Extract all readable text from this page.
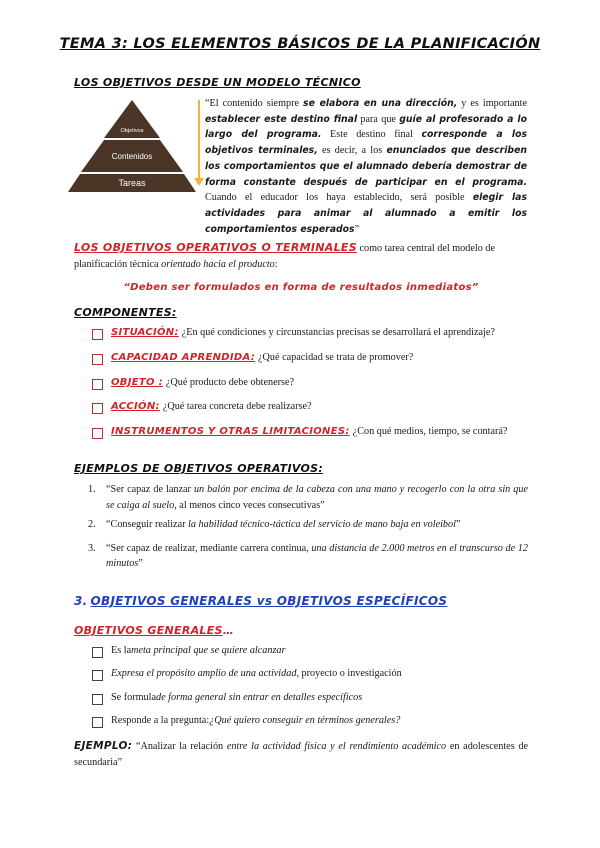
TEMA 3: LOS ELEMENTOS BÁSICOS DE LA PLANIFICACIÓN
LOS OBJETIVOS DESDE UN MODELO TÉCNICO
Objetivos
Contenidos
Tareas
“El contenido siempre se elabora en una dirección, y es importante establecer este destino final para que guíe al profesorado a lo largo del programa. Este destino final corresponde a los objetivos terminales, es decir, a los enunciados que describen los comportamientos que el alumnado debería demostrar de forma constante después de participar en el programa. Cuando el educador los haya establecido, será posible elegir las actividades para animar al alumnado a emitir los comportamientos esperados”
LOS OBJETIVOS OPERATIVOS O TERMINALES como tarea central del modelo de planificación técnica orientado hacia el producto:
“Deben ser formulados en forma de resultados inmediatos”
COMPONENTES:
SITUACIÓN: ¿En qué condiciones y circunstancias precisas se desarrollará el aprendizaje?
CAPACIDAD APRENDIDA: ¿Qué capacidad se trata de promover?
OBJETO : ¿Qué producto debe obtenerse?
ACCIÓN: ¿Qué tarea concreta debe realizarse?
INSTRUMENTOS Y OTRAS LIMITACIONES: ¿Con qué medios, tiempo, se contará?
EJEMPLOS DE OBJETIVOS OPERATIVOS:
1. “Ser capaz de lanzar un balón por encima de la cabeza con una mano y recogerlo con la otra sin que se caiga al suelo, al menos cinco veces consecutivas”
2. “Conseguir realizar la habilidad técnico-táctica del servicio de mano baja en voleibol”
3. “Ser capaz de realizar, mediante carrera continua, una distancia de 2.000 metros en el transcurso de 12 minutos”
3. OBJETIVOS GENERALES vs OBJETIVOS ESPECÍFICOS
OBJETIVOS GENERALES…
Es la meta principal que se quiere alcanzar
Expresa el propósito amplio de una actividad , proyecto o investigación
Se formula de forma general sin entrar en detalles específicos
Responde a la pregunta: ¿Qué quiero conseguir en términos generales?
EJEMPLO: “Analizar la relación entre la actividad física y el rendimiento académico en adolescentes de secundaria”
